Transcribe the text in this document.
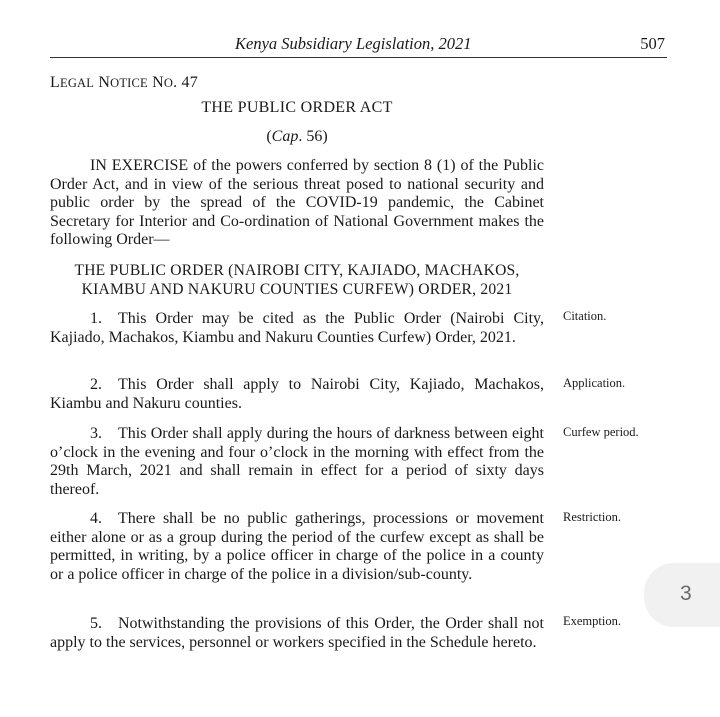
Kenya Subsidiary Legislation, 2021	507
LEGAL NOTICE NO. 47
THE PUBLIC ORDER ACT
(Cap. 56)
IN EXERCISE of the powers conferred by section 8 (1) of the Public Order Act, and in view of the serious threat posed to national security and public order by the spread of the COVID-19 pandemic, the Cabinet Secretary for Interior and Co-ordination of National Government makes the following Order—
THE PUBLIC ORDER (NAIROBI CITY, KAJIADO, MACHAKOS, KIAMBU AND NAKURU COUNTIES CURFEW) ORDER, 2021
1. This Order may be cited as the Public Order (Nairobi City, Kajiado, Machakos, Kiambu and Nakuru Counties Curfew) Order, 2021.
Citation.
2. This Order shall apply to Nairobi City, Kajiado, Machakos, Kiambu and Nakuru counties.
Application.
3. This Order shall apply during the hours of darkness between eight o’clock in the evening and four o’clock in the morning with effect from the 29th March, 2021 and shall remain in effect for a period of sixty days thereof.
Curfew period.
4. There shall be no public gatherings, processions or movement either alone or as a group during the period of the curfew except as shall be permitted, in writing, by a police officer in charge of the police in a county or a police officer in charge of the police in a division/sub-county.
Restriction.
5. Notwithstanding the provisions of this Order, the Order shall not apply to the services, personnel or workers specified in the Schedule hereto.
Exemption.
3
